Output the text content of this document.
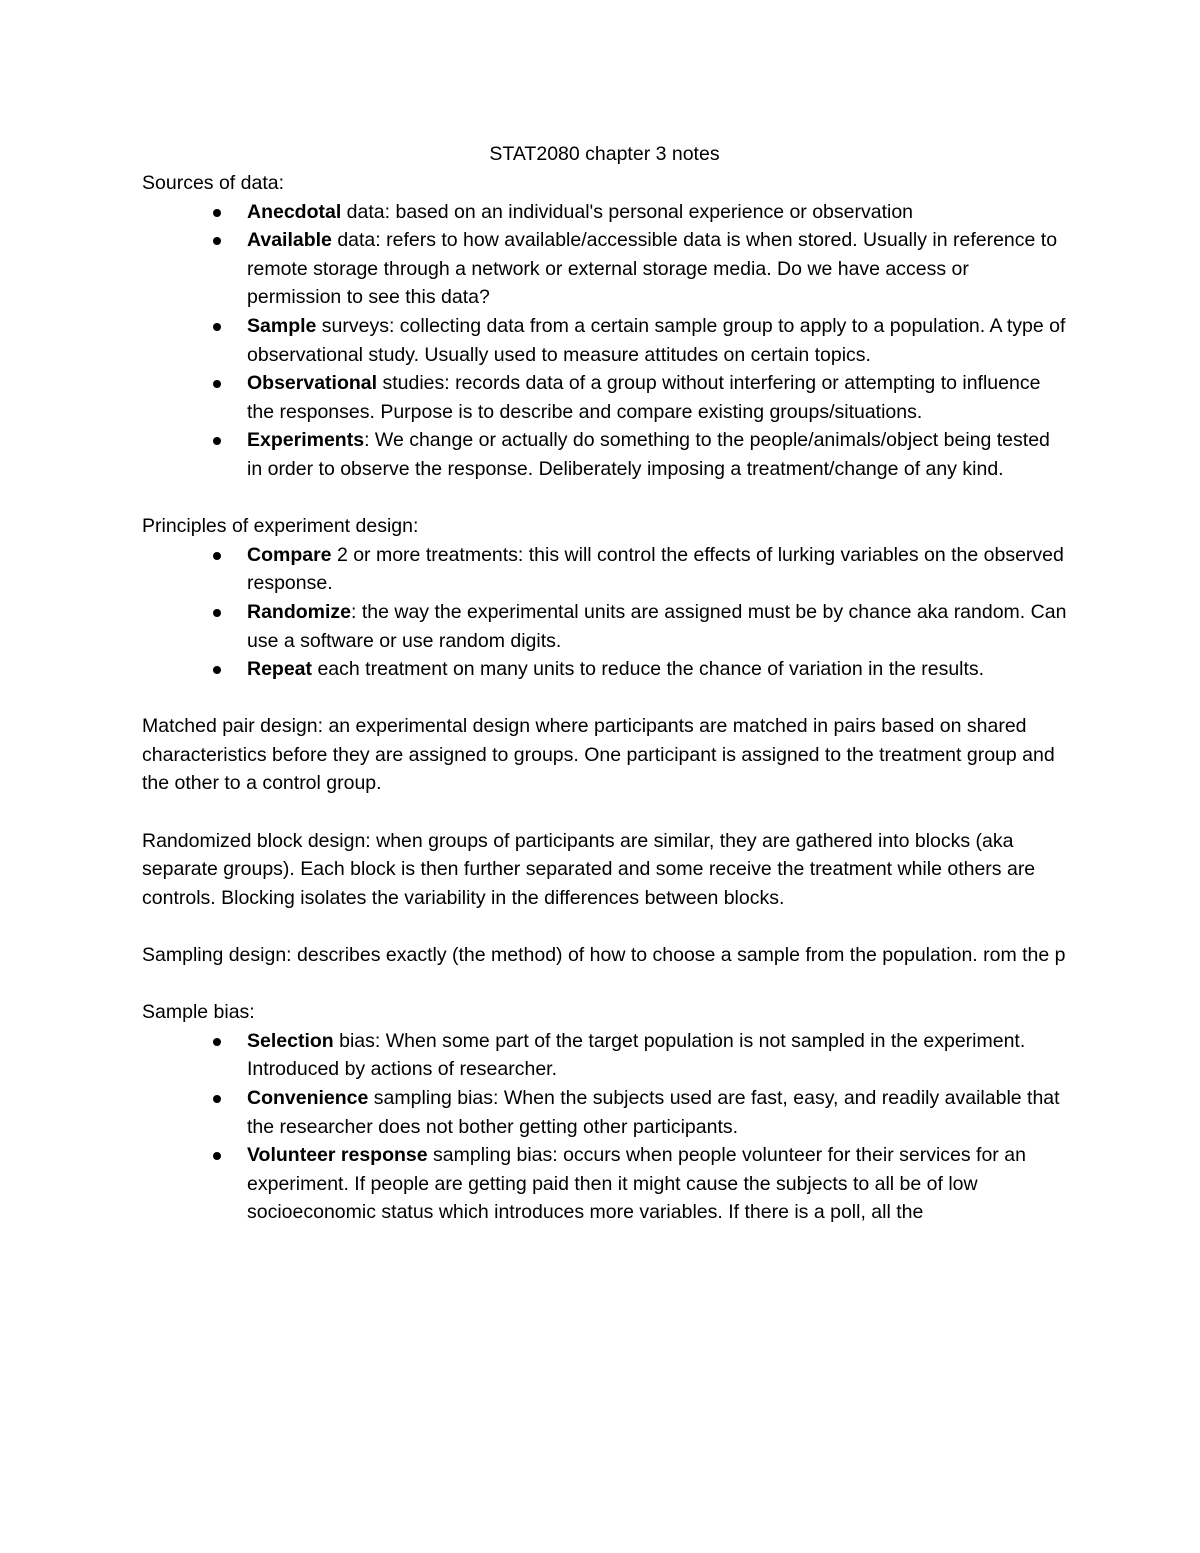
STAT2080 chapter 3 notes

Sources of data:

Anecdotal data: based on an individual's personal experience or observation
Available data: refers to how available/accessible data is when stored. Usually in reference to remote storage through a network or external storage media. Do we have access or permission to see this data?
Sample surveys: collecting data from a certain sample group to apply to a population. A type of observational study. Usually used to measure attitudes on certain topics.
Observational studies: records data of a group without interfering or attempting to influence the responses. Purpose is to describe and compare existing groups/situations.
Experiments: We change or actually do something to the people/animals/object being tested in order to observe the response. Deliberately imposing a treatment/change of any kind.

Principles of experiment design:

Compare 2 or more treatments: this will control the effects of lurking variables on the observed response.
Randomize: the way the experimental units are assigned must be by chance aka random. Can use a software or use random digits.
Repeat each treatment on many units to reduce the chance of variation in the results.

Matched pair design: an experimental design where participants are matched in pairs based on shared characteristics before they are assigned to groups. One participant is assigned to the treatment group and the other to a control group.

Randomized block design: when groups of participants are similar, they are gathered into blocks (aka separate groups). Each block is then further separated and some receive the treatment while others are controls. Blocking isolates the variability in the differences between blocks.

Sampling design: describes exactly (the method) of how to choose a sample from the population. rom the p

Sample bias:

Selection bias: When some part of the target population is not sampled in the experiment. Introduced by actions of researcher.
Convenience sampling bias: When the subjects used are fast, easy, and readily available that the researcher does not bother getting other participants.
Volunteer response sampling bias: occurs when people volunteer for their services for an experiment. If people are getting paid then it might cause the subjects to all be of low socioeconomic status which introduces more variables. If there is a poll, all the
